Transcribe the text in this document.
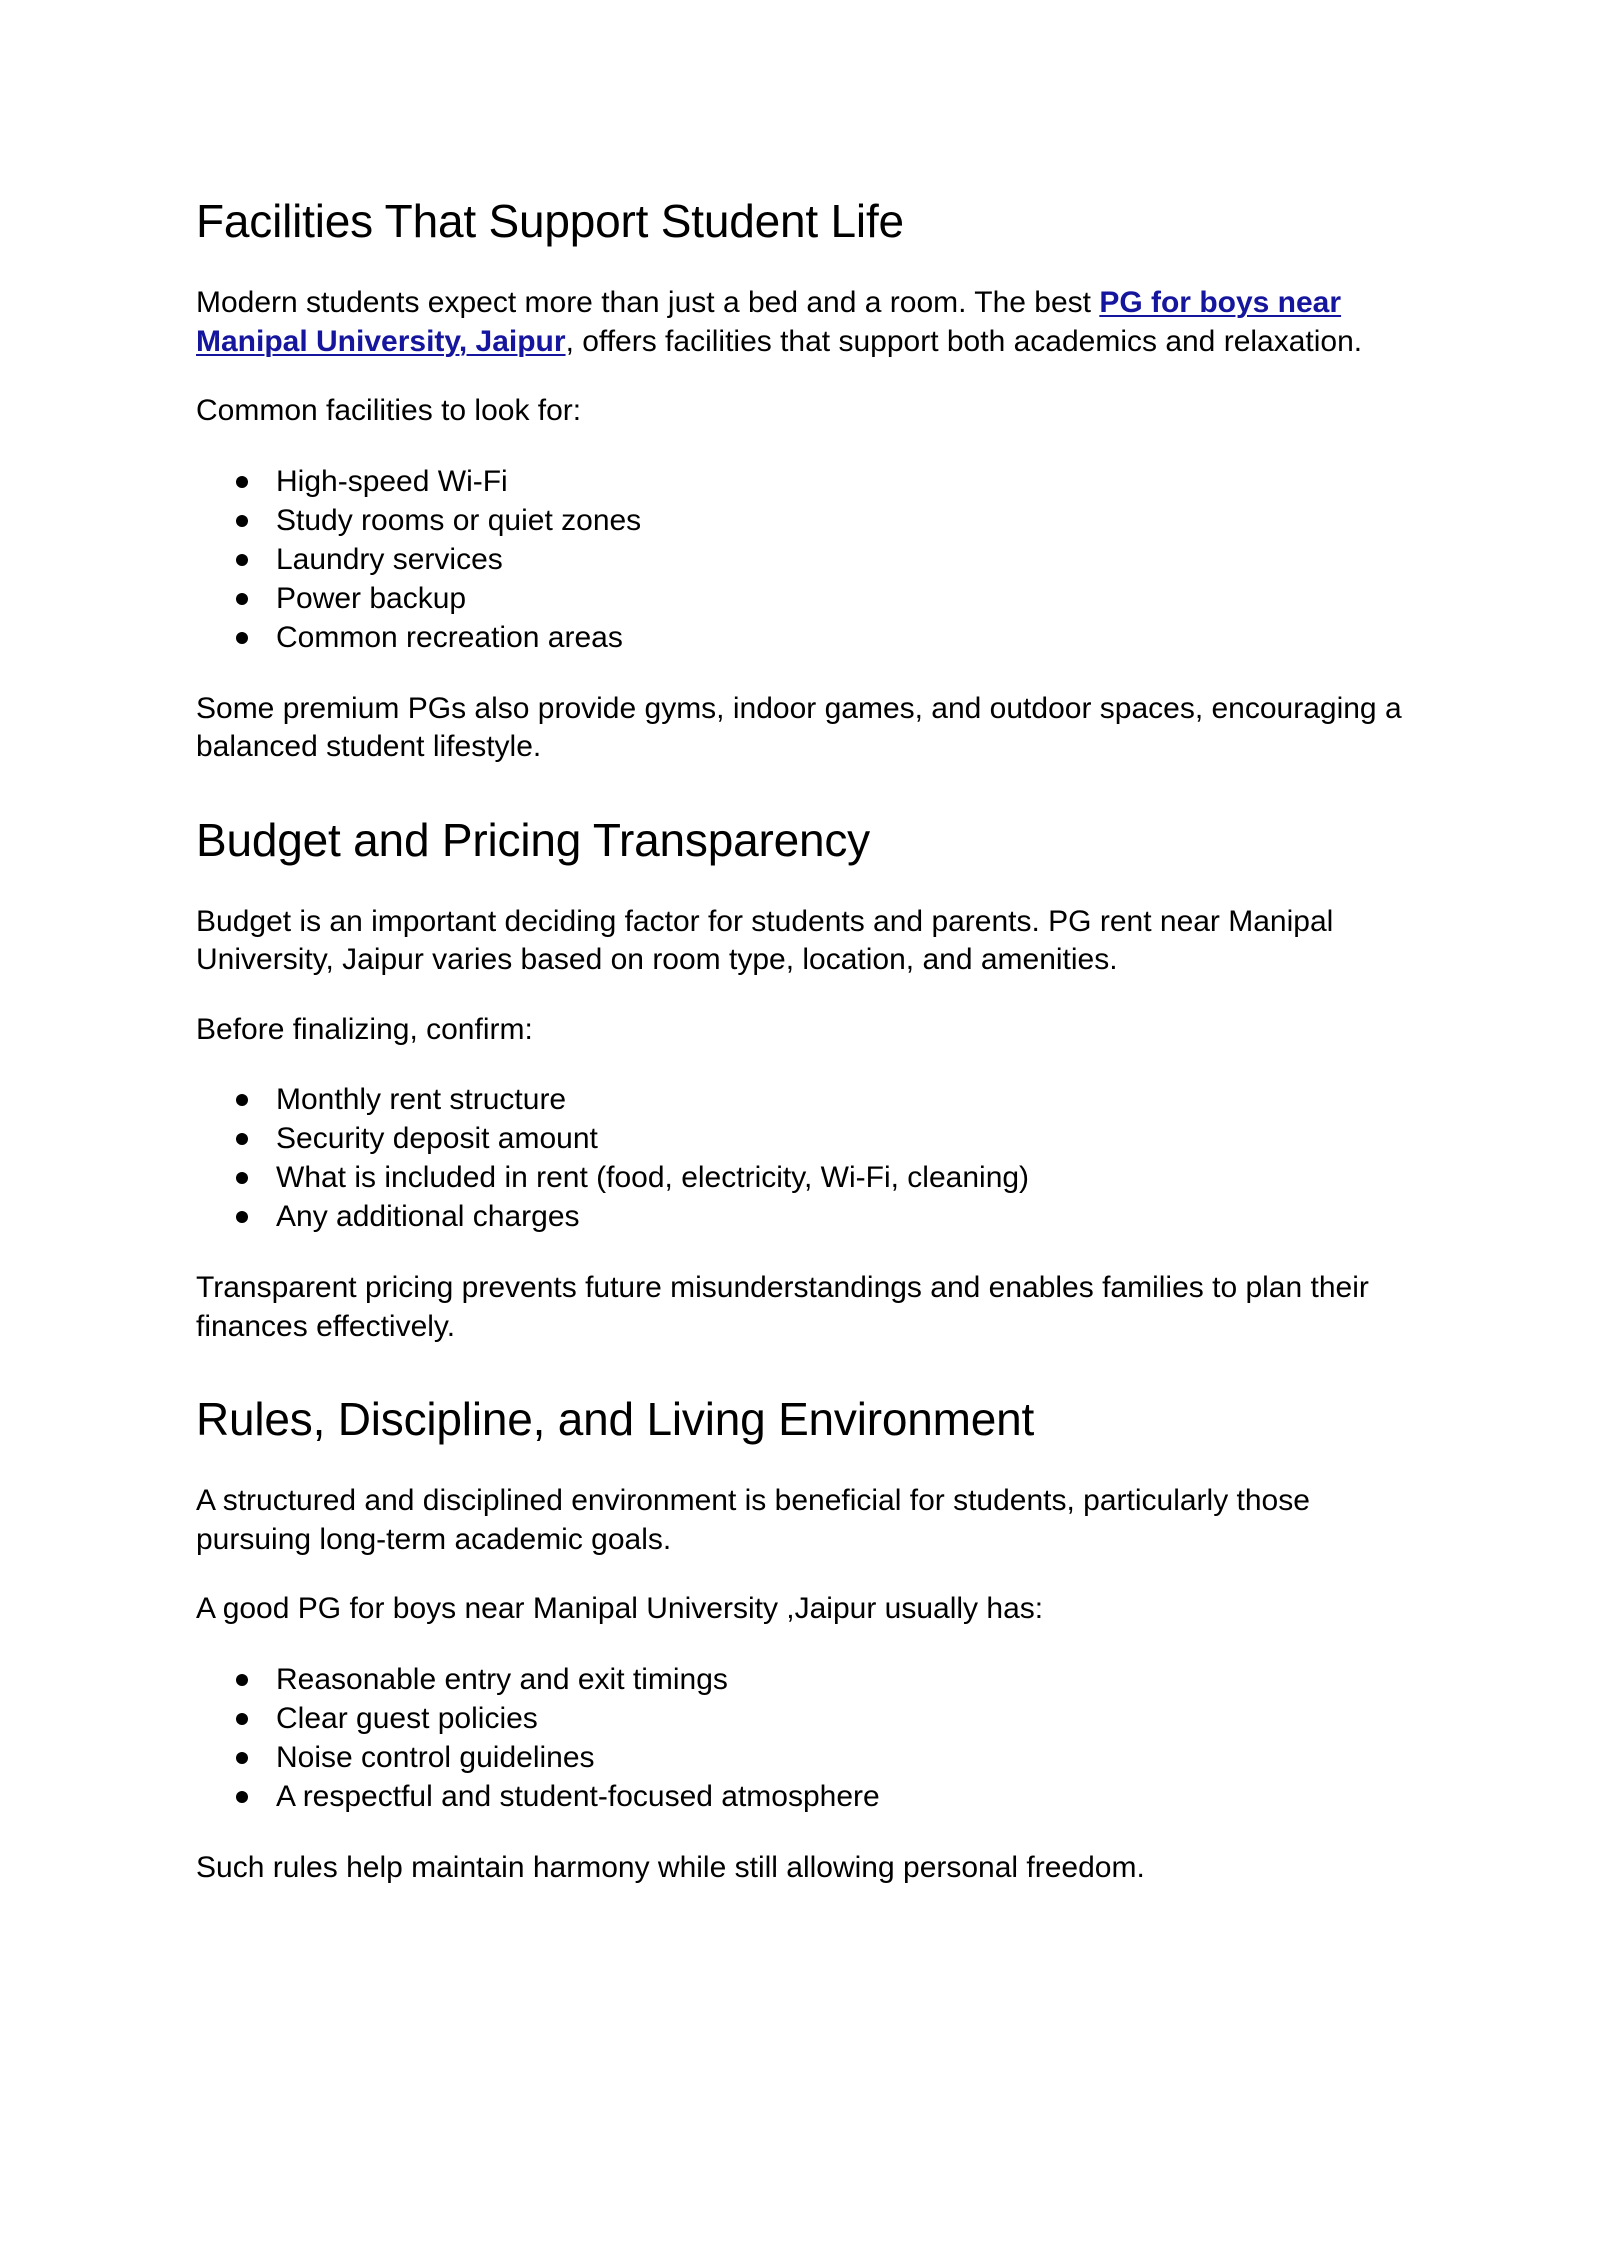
Facilities That Support Student Life

Modern students expect more than just a bed and a room. The best PG for boys near
Manipal University, Jaipur, offers facilities that support both academics and relaxation.

Common facilities to look for:

High-speed Wi-Fi
Study rooms or quiet zones
Laundry services
Power backup
Common recreation areas

Some premium PGs also provide gyms, indoor games, and outdoor spaces, encouraging a
balanced student lifestyle.

Budget and Pricing Transparency

Budget is an important deciding factor for students and parents. PG rent near Manipal
University, Jaipur varies based on room type, location, and amenities.

Before finalizing, confirm:

Monthly rent structure
Security deposit amount
What is included in rent (food, electricity, Wi-Fi, cleaning)
Any additional charges

Transparent pricing prevents future misunderstandings and enables families to plan their
finances effectively.

Rules, Discipline, and Living Environment

A structured and disciplined environment is beneficial for students, particularly those
pursuing long-term academic goals.

A good PG for boys near Manipal University ,Jaipur usually has:

Reasonable entry and exit timings
Clear guest policies
Noise control guidelines
A respectful and student-focused atmosphere

Such rules help maintain harmony while still allowing personal freedom.
